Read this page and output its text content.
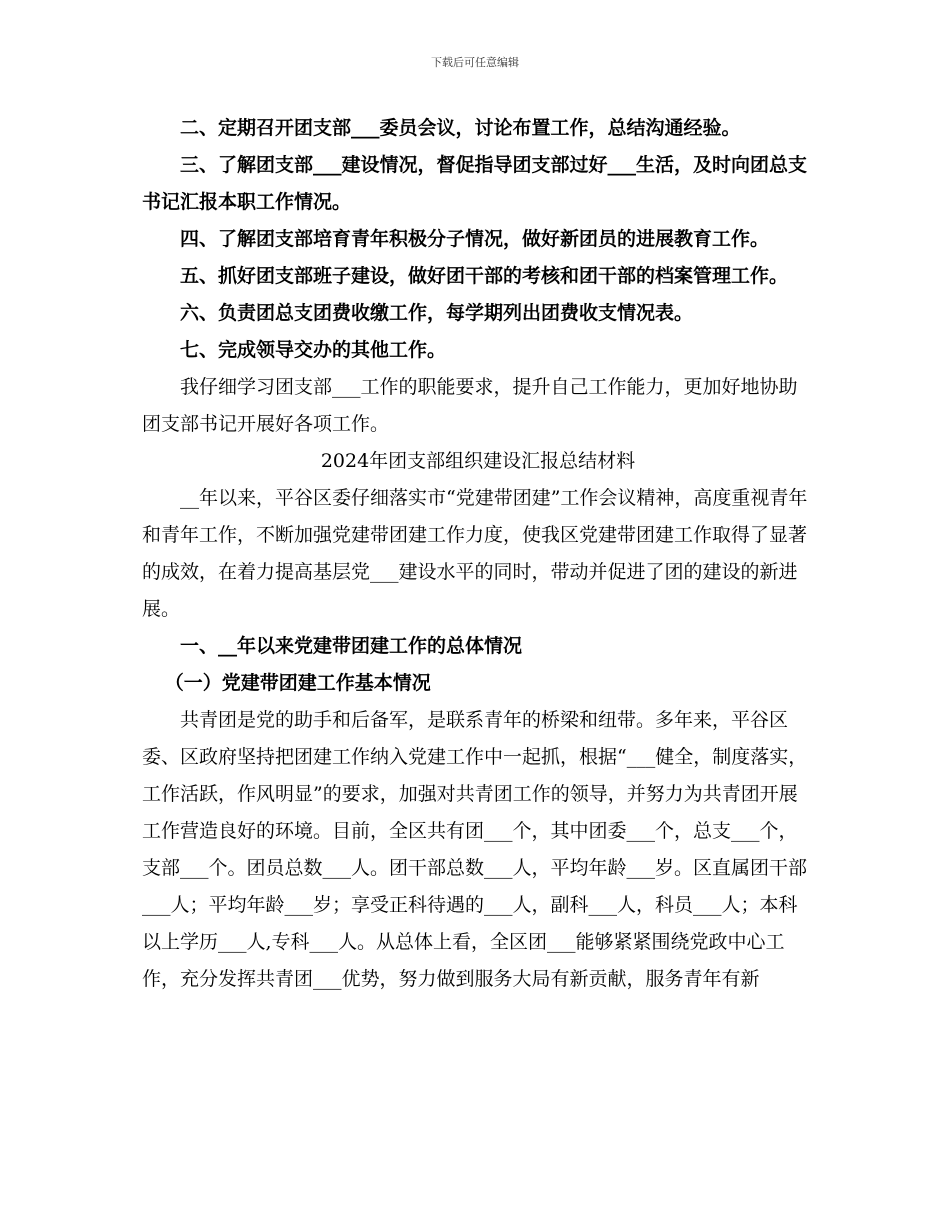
下载后可任意编辑

二、定期召开团支部___委员会议，讨论布置工作，总结沟通经验。

三、了解团支部___建设情况，督促指导团支部过好___生活，及时向团总支书记汇报本职工作情况。

四、了解团支部培育青年积极分子情况，做好新团员的进展教育工作。

五、抓好团支部班子建设，做好团干部的考核和团干部的档案管理工作。

六、负责团总支团费收缴工作，每学期列出团费收支情况表。

七、完成领导交办的其他工作。

我仔细学习团支部___工作的职能要求，提升自己工作能力，更加好地协助团支部书记开展好各项工作。

2024年团支部组织建设汇报总结材料

__年以来，平谷区委仔细落实市“党建带团建”工作会议精神，高度重视青年和青年工作，不断加强党建带团建工作力度，使我区党建带团建工作取得了显著的成效，在着力提高基层党___建设水平的同时，带动并促进了团的建设的新进展。

一、__年以来党建带团建工作的总体情况

（一）党建带团建工作基本情况

共青团是党的助手和后备军，是联系青年的桥梁和纽带。多年来，平谷区委、区政府坚持把团建工作纳入党建工作中一起抓，根据“___健全，制度落实，工作活跃，作风明显”的要求，加强对共青团工作的领导，并努力为共青团开展工作营造良好的环境。目前，全区共有团___个，其中团委___个，总支___个，支部___个。团员总数___人。团干部总数___人，平均年龄___岁。区直属团干部___人；平均年龄___岁；享受正科待遇的___人，副科___人，科员___人；本科以上学历___人,专科___人。从总体上看，全区团___能够紧紧围绕党政中心工作，充分发挥共青团___优势，努力做到服务大局有新贡献，服务青年有新
